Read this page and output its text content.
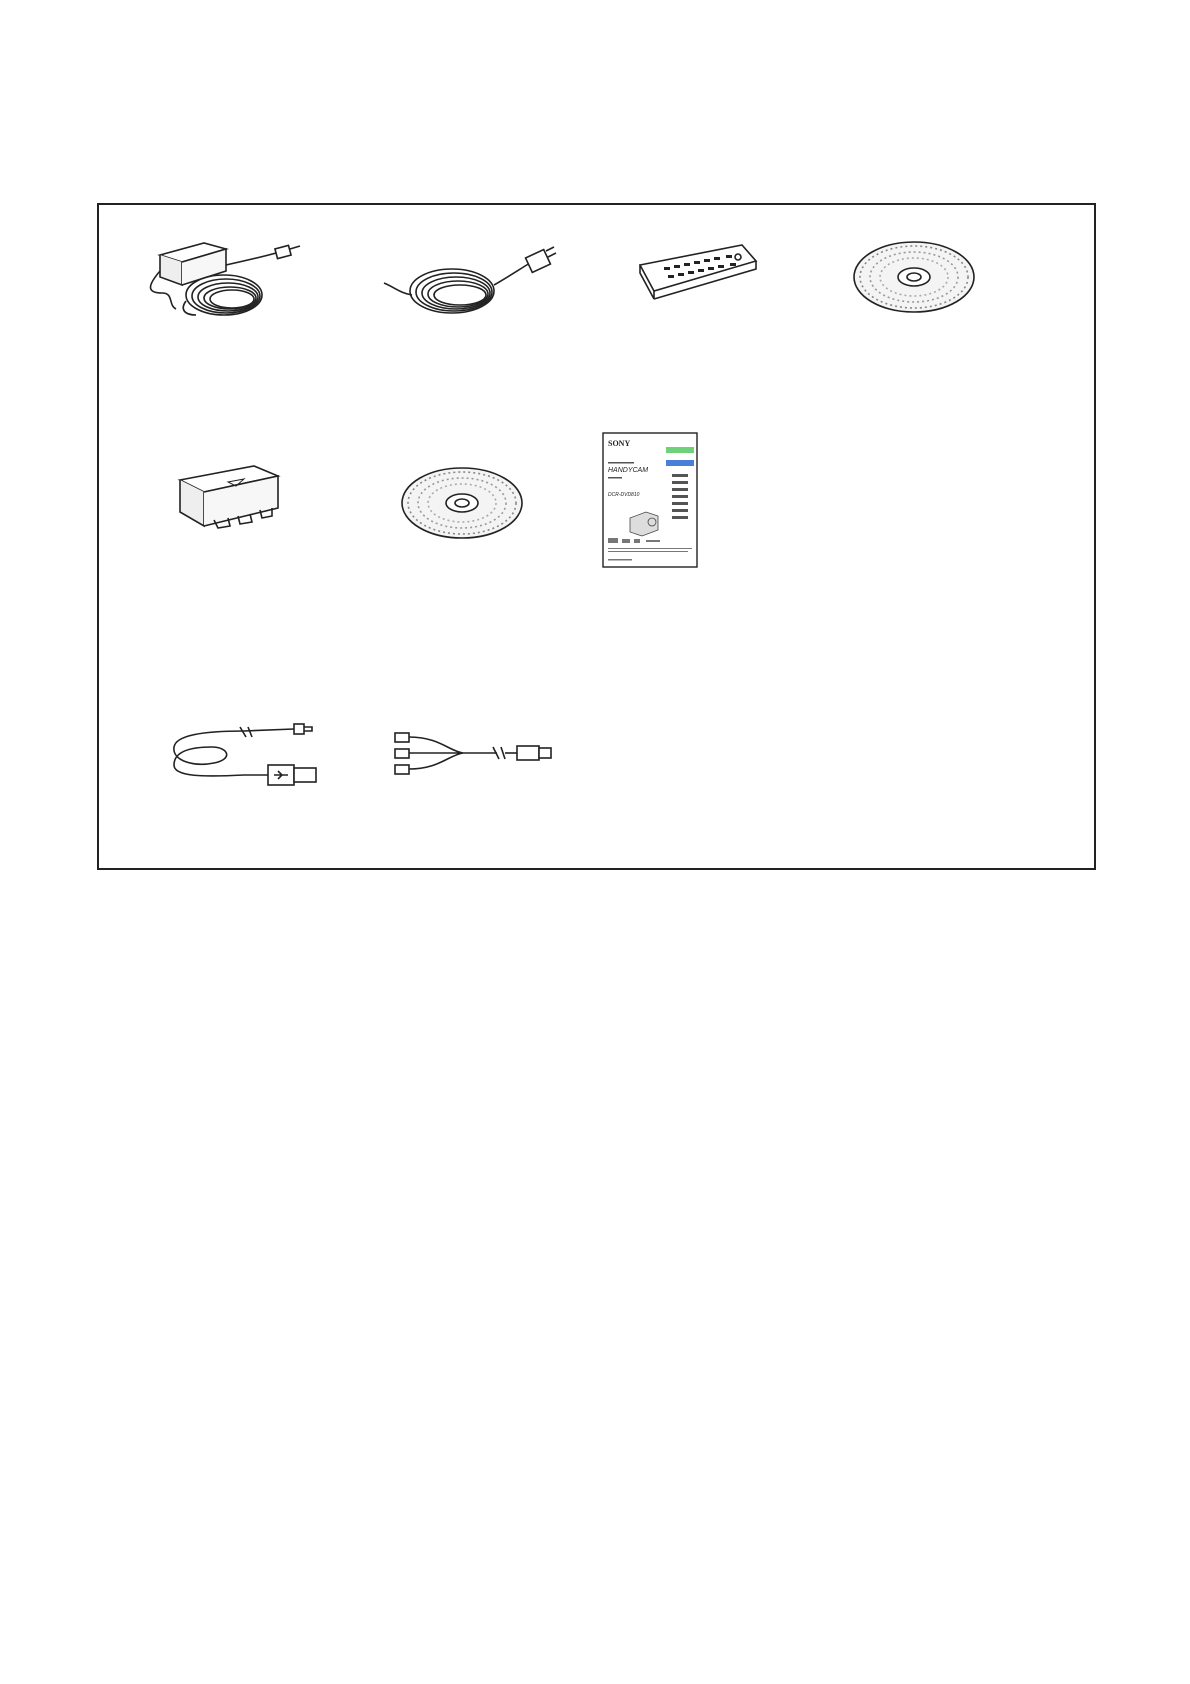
SONY
HANDYCAM
DCR-DVD810
